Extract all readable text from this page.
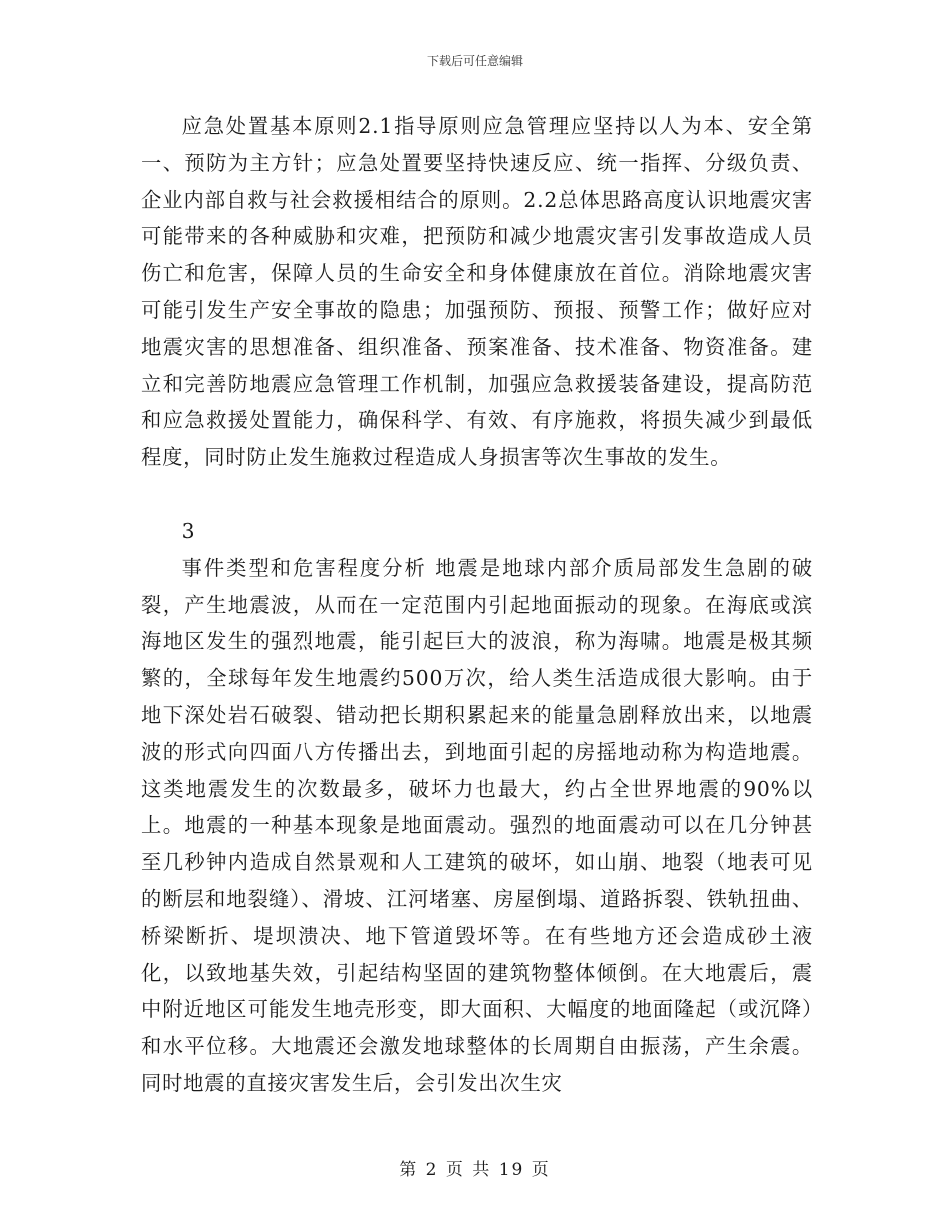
下载后可任意编辑

应急处置基本原则2.1指导原则应急管理应坚持以人为本、安全第一、预防为主方针；应急处置要坚持快速反应、统一指挥、分级负责、企业内部自救与社会救援相结合的原则。2.2总体思路高度认识地震灾害可能带来的各种威胁和灾难，把预防和减少地震灾害引发事故造成人员伤亡和危害，保障人员的生命安全和身体健康放在首位。消除地震灾害可能引发生产安全事故的隐患；加强预防、预报、预警工作；做好应对地震灾害的思想准备、组织准备、预案准备、技术准备、物资准备。建立和完善防地震应急管理工作机制，加强应急救援装备建设，提高防范和应急救援处置能力，确保科学、有效、有序施救，将损失减少到最低程度，同时防止发生施救过程造成人身损害等次生事故的发生。

3

事件类型和危害程度分析 地震是地球内部介质局部发生急剧的破裂，产生地震波，从而在一定范围内引起地面振动的现象。在海底或滨海地区发生的强烈地震，能引起巨大的波浪，称为海啸。地震是极其频繁的，全球每年发生地震约500万次，给人类生活造成很大影响。由于地下深处岩石破裂、错动把长期积累起来的能量急剧释放出来，以地震波的形式向四面八方传播出去，到地面引起的房摇地动称为构造地震。这类地震发生的次数最多，破坏力也最大，约占全世界地震的90%以上。地震的一种基本现象是地面震动。强烈的地面震动可以在几分钟甚至几秒钟内造成自然景观和人工建筑的破坏，如山崩、地裂（地表可见的断层和地裂缝）、滑坡、江河堵塞、房屋倒塌、道路拆裂、铁轨扭曲、桥梁断折、堤坝溃决、地下管道毁坏等。在有些地方还会造成砂土液化，以致地基失效，引起结构坚固的建筑物整体倾倒。在大地震后，震中附近地区可能发生地壳形变，即大面积、大幅度的地面隆起（或沉降）和水平位移。大地震还会激发地球整体的长周期自由振荡，产生余震。同时地震的直接灾害发生后，会引发出次生灾

第 2 页 共 19 页
